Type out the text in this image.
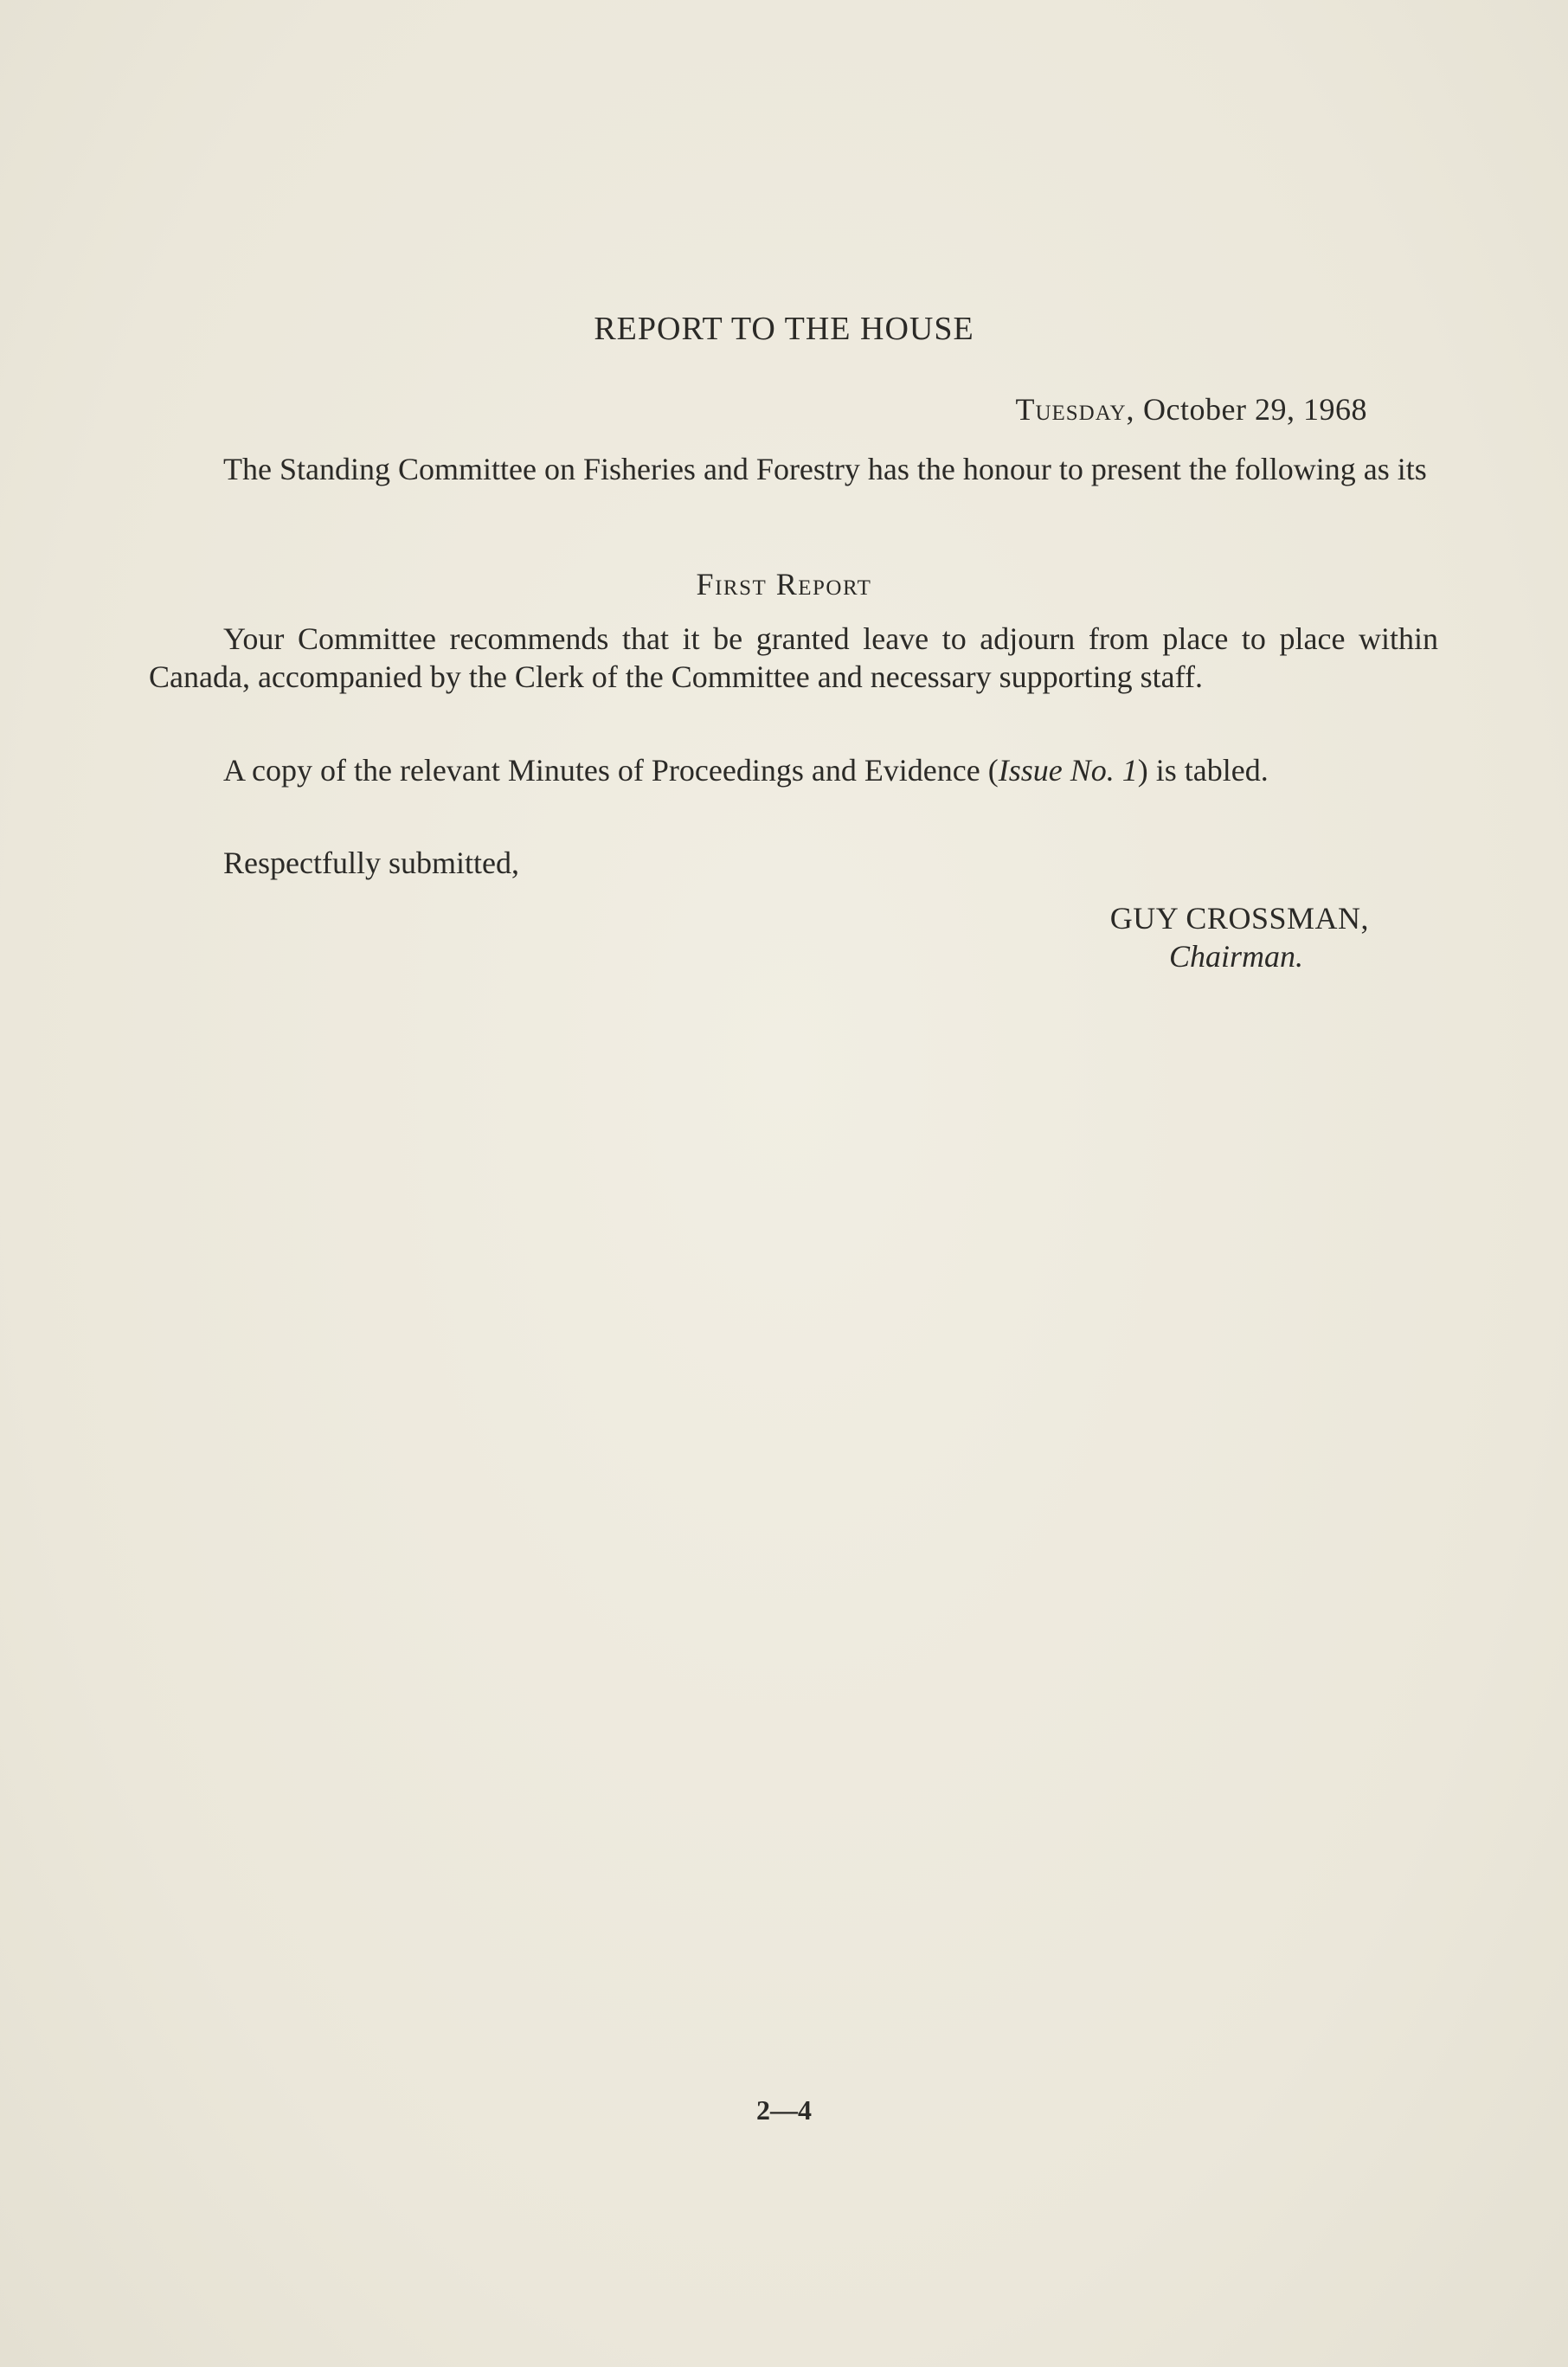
REPORT TO THE HOUSE
Tuesday, October 29, 1968

The Standing Committee on Fisheries and Forestry has the honour to present the following as its

First Report

Your Committee recommends that it be granted leave to adjourn from place to place within Canada, accompanied by the Clerk of the Committee and necessary supporting staff.

A copy of the relevant Minutes of Proceedings and Evidence (Issue No. 1) is tabled.

Respectfully submitted,
GUY CROSSMAN,
Chairman.
2—4
